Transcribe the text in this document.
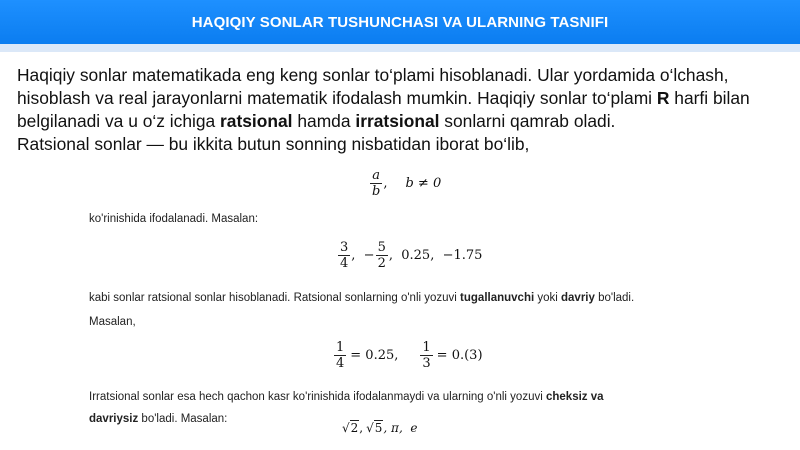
HAQIQIY SONLAR TUSHUNCHASI VA ULARNING TASNIFI

Haqiqiy sonlar matematikada eng keng sonlar to‘plami hisoblanadi. Ular yordamida o‘lchash, hisoblash va real jarayonlarni matematik ifodalash mumkin. Haqiqiy sonlar to‘plami R harfi bilan belgilanadi va u o‘z ichiga ratsional hamda irratsional sonlarni qamrab oladi.
Ratsional sonlar — bu ikkita butun sonning nisbatidan iborat bo‘lib,

$\frac{a}{b}$ , b ≠ 0

ko'rinishida ifodalanadi. Masalan:

$\frac{3}{4}$ ,  − $\frac{5}{2}$ ,  0.25,  −1.75

kabi sonlar ratsional sonlar hisoblanadi. Ratsional sonlarning o'nli yozuvi tugallanuvchi yoki davriy bo'ladi.
Masalan,

$\frac{1}{4} = 0.25$, $\frac{1}{3} = 0.(3)$

Irratsional sonlar esa hech qachon kasr ko'rinishida ifodalanmaydi va ularning o'nli yozuvi cheksiz va
davriysiz bo'ladi. Masalan:

√2 , √5 , π,  e
